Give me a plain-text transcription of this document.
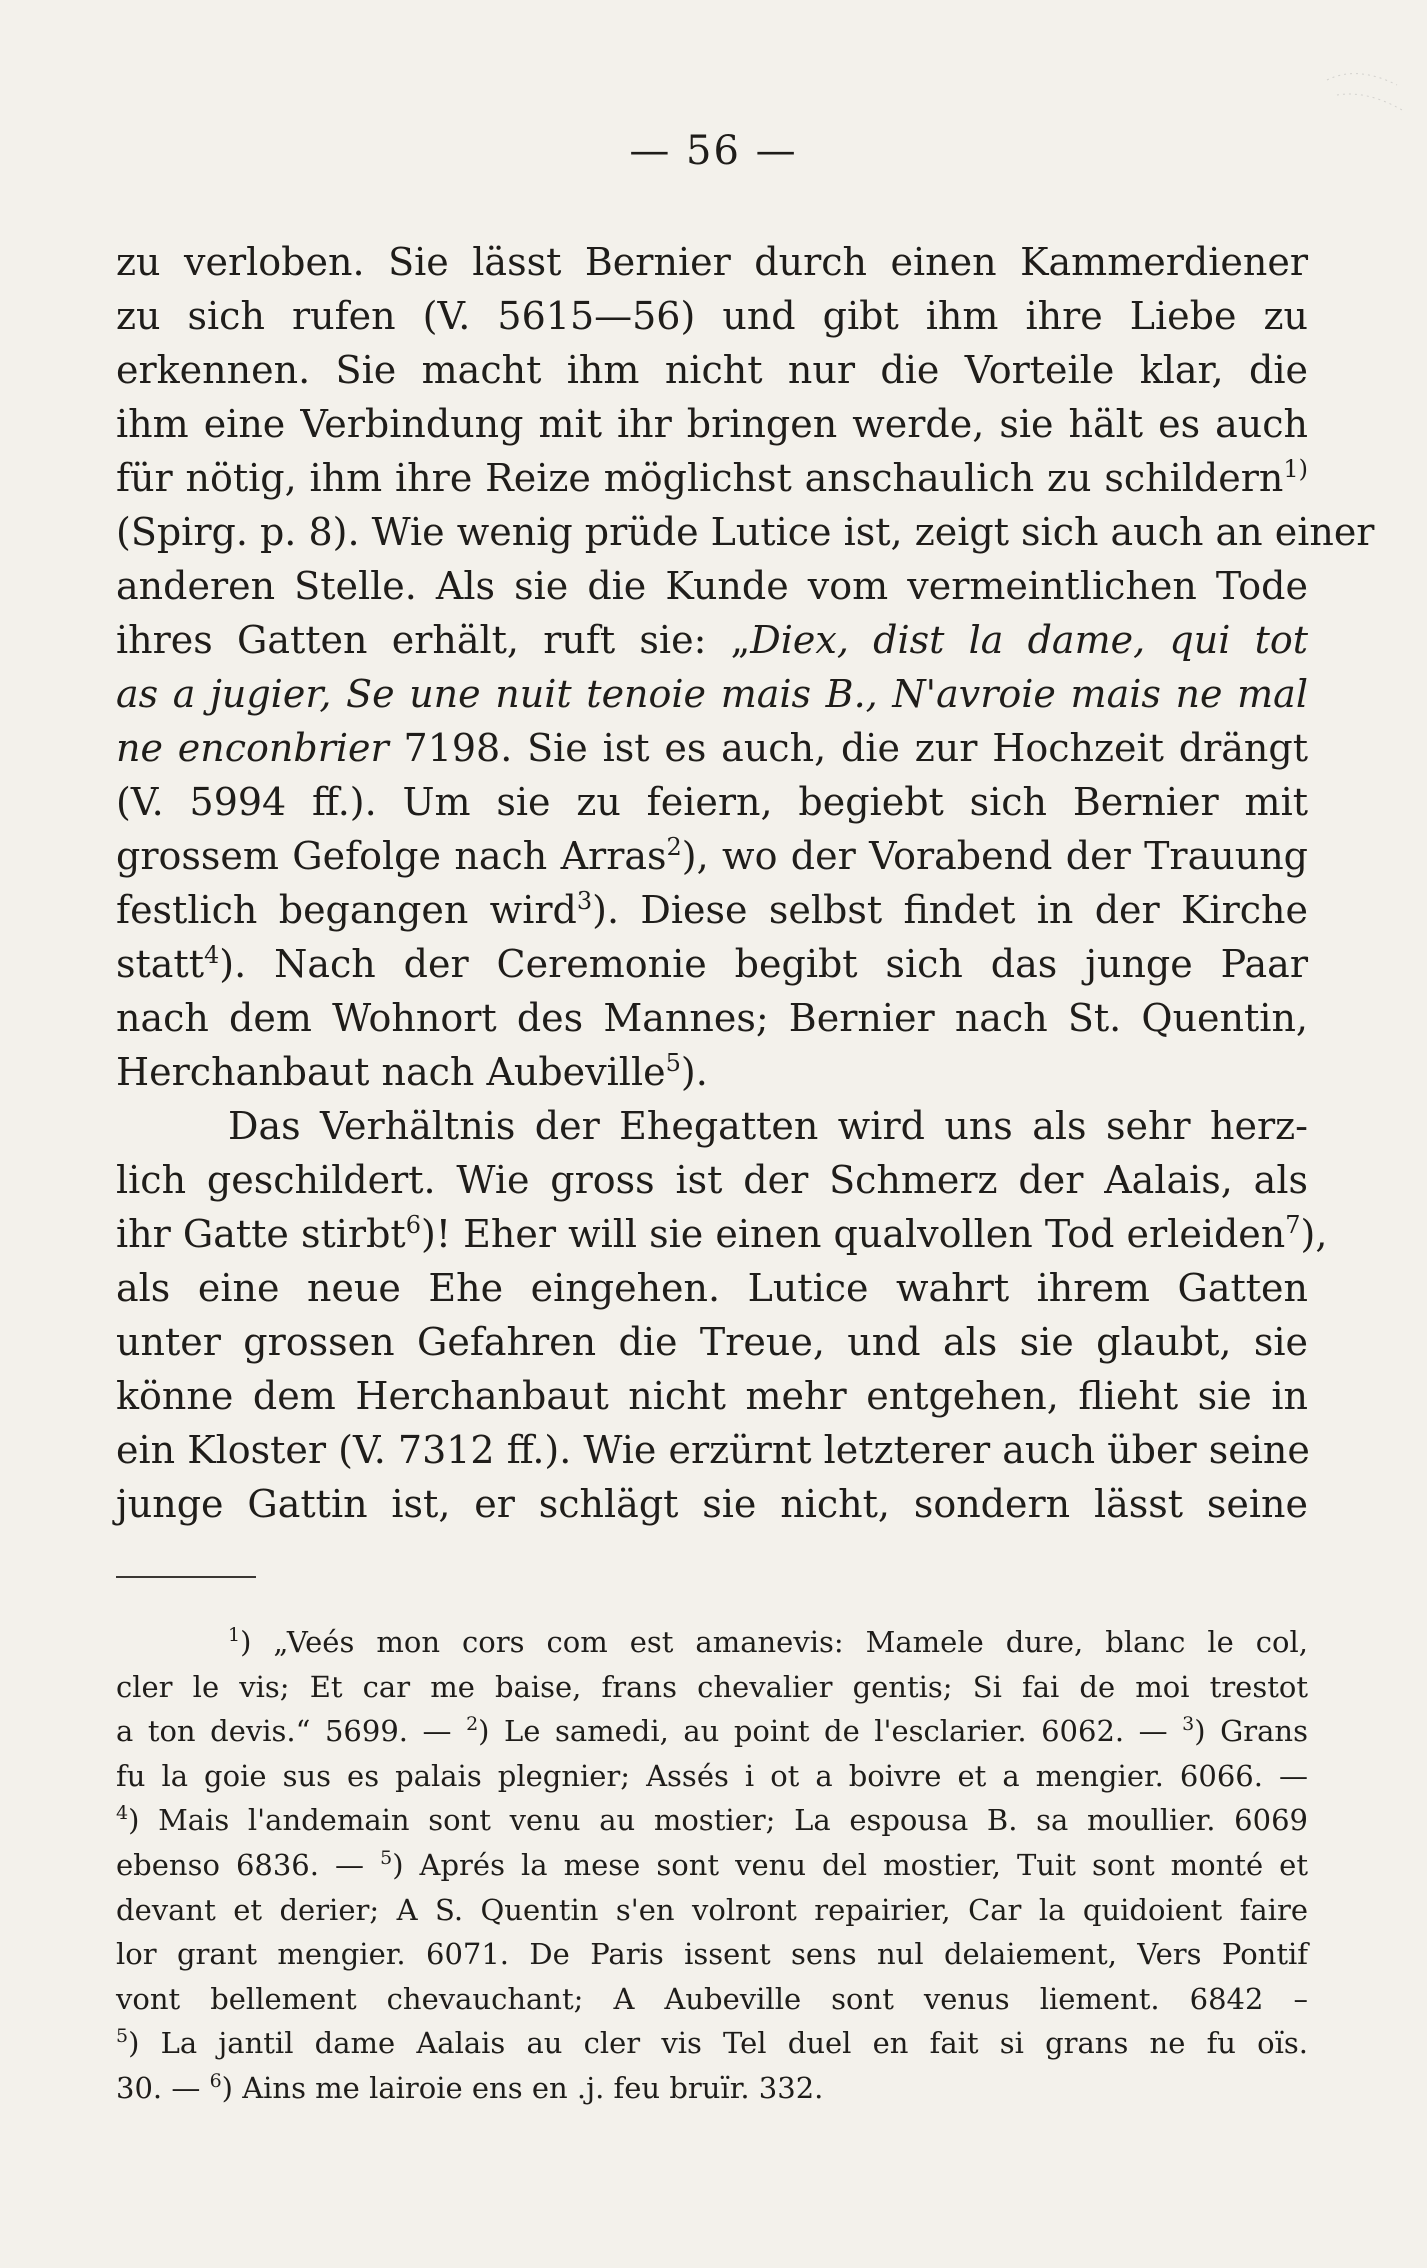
— 56 —
zu verloben. Sie lässt Bernier durch einen Kammerdiener
zu sich rufen (V. 5615—56) und gibt ihm ihre Liebe zu
erkennen. Sie macht ihm nicht nur die Vorteile klar, die
ihm eine Verbindung mit ihr bringen werde, sie hält es auch
für nötig, ihm ihre Reize möglichst anschaulich zu schildern$^{1)}$
(Spirg. p. 8). Wie wenig prüde Lutice ist, zeigt sich auch an einer
anderen Stelle. Als sie die Kunde vom vermeintlichen Tode
ihres Gatten erhält, ruft sie: „Diex, dist la dame, qui tot
as a jugier, Se une nuit tenoie mais B., N'avroie mais ne mal
ne enconbrier 7198. Sie ist es auch, die zur Hochzeit drängt
(V. 5994 ff.). Um sie zu feiern, begiebt sich Bernier mit
grossem Gefolge nach Arras$^2$), wo der Vorabend der Trauung
festlich begangen wird$^3$). Diese selbst findet in der Kirche
statt$^4$). Nach der Ceremonie begibt sich das junge Paar
nach dem Wohnort des Mannes; Bernier nach St. Quentin,
Herchanbaut nach Aubeville$^5$).
Das Verhältnis der Ehegatten wird uns als sehr herz-
lich geschildert. Wie gross ist der Schmerz der Aalais, als
ihr Gatte stirbt$^6$)! Eher will sie einen qualvollen Tod erleiden$^7$),
als eine neue Ehe eingehen. Lutice wahrt ihrem Gatten
unter grossen Gefahren die Treue, und als sie glaubt, sie
könne dem Herchanbaut nicht mehr entgehen, flieht sie in
ein Kloster (V. 7312 ff.). Wie erzürnt letzterer auch über seine
junge Gattin ist, er schlägt sie nicht, sondern lässt seine
$^1$) „Veés mon cors com est amanevis: Mamele dure, blanc le col,
cler le vis; Et car me baise, frans chevalier gentis; Si fai de moi trestot
a ton devis.“ 5699. — $^2$) Le samedi, au point de l'esclarier. 6062. — $^3$) Grans
fu la goie sus es palais plegnier; Assés i ot a boivre et a mengier. 6066. —
$^4$) Mais l'andemain sont venu au mostier; La espousa B. sa moullier. 6069
ebenso 6836. — $^5$) Aprés la mese sont venu del mostier, Tuit sont monté et
devant et derier; A S. Quentin s'en volront repairier, Car la quidoient faire
lor grant mengier. 6071. De Paris issent sens nul delaiement, Vers Pontif
vont bellement chevauchant; A Aubeville sont venus liement. 6842 –
$^5$) La jantil dame Aalais au cler vis Tel duel en fait si grans ne fu oïs.
30. — $^6$) Ains me lairoie ens en .j. feu bruïr. 332.
